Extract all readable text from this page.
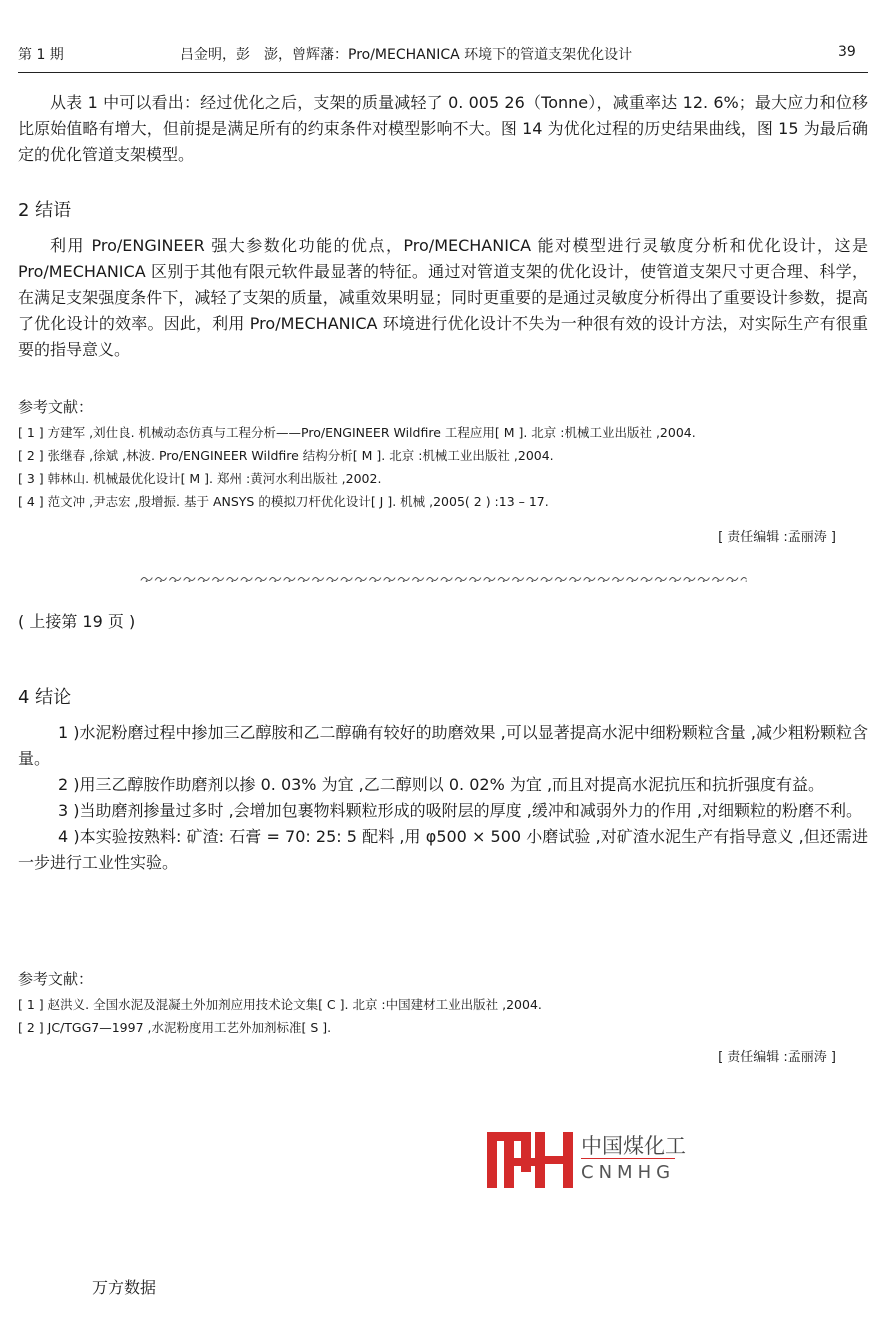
第 1 期	吕金明，彭　澎，曾辉藩：Pro/MECHANICA 环境下的管道支架优化设计	39

从表 1 中可以看出：经过优化之后，支架的质量减轻了 0. 005 26（Tonne），减重率达 12. 6%；最大应力和位移比原始值略有增大，但前提是满足所有的约束条件对模型影响不大。图 14 为优化过程的历史结果曲线，图 15 为最后确定的优化管道支架模型。

2 结语

利用 Pro/ENGINEER 强大参数化功能的优点，Pro/MECHANICA 能对模型进行灵敏度分析和优化设计，这是 Pro/MECHANICA 区别于其他有限元软件最显著的特征。通过对管道支架的优化设计，使管道支架尺寸更合理、科学，在满足支架强度条件下，减轻了支架的质量，减重效果明显；同时更重要的是通过灵敏度分析得出了重要设计参数，提高了优化设计的效率。因此，利用 Pro/MECHANICA 环境进行优化设计不失为一种很有效的设计方法，对实际生产有很重要的指导意义。

参考文献：
[ 1 ] 方建军 ,刘仕良. 机械动态仿真与工程分析——Pro/ENGINEER Wildfire 工程应用[ M ]. 北京 :机械工业出版社 ,2004.
[ 2 ] 张继春 ,徐斌 ,林波. Pro/ENGINEER Wildfire 结构分析[ M ]. 北京 :机械工业出版社 ,2004.
[ 3 ] 韩林山. 机械最优化设计[ M ]. 郑州 :黄河水利出版社 ,2002.
[ 4 ] 范文冲 ,尹志宏 ,殷增振. 基于 ANSYS 的模拟刀杆优化设计[ J ]. 机械 ,2005( 2 ) :13 – 17.
[ 责任编辑 :孟丽涛 ]
( 上接第 19 页 )
4 结论

1 )水泥粉磨过程中掺加三乙醇胺和乙二醇确有较好的助磨效果 ,可以显著提高水泥中细粉颗粒含量 ,减少粗粉颗粒含量。

2 )用三乙醇胺作助磨剂以掺 0. 03% 为宜 ,乙二醇则以 0. 02% 为宜 ,而且对提高水泥抗压和抗折强度有益。

3 )当助磨剂掺量过多时 ,会增加包裹物料颗粒形成的吸附层的厚度 ,缓冲和减弱外力的作用 ,对细颗粒的粉磨不利。

4 )本实验按熟料: 矿渣: 石膏 = 70: 25: 5 配料 ,用 φ500 × 500 小磨试验 ,对矿渣水泥生产有指导意义 ,但还需进一步进行工业性实验。

参考文献：
[ 1 ] 赵洪义. 全国水泥及混凝土外加剂应用技术论文集[ C ]. 北京 :中国建材工业出版社 ,2004.
[ 2 ] JC/TGG7—1997 ,水泥粉度用工艺外加剂标准[ S ].
[ 责任编辑 :孟丽涛 ]
中国煤化工
CNMHG
万方数据
